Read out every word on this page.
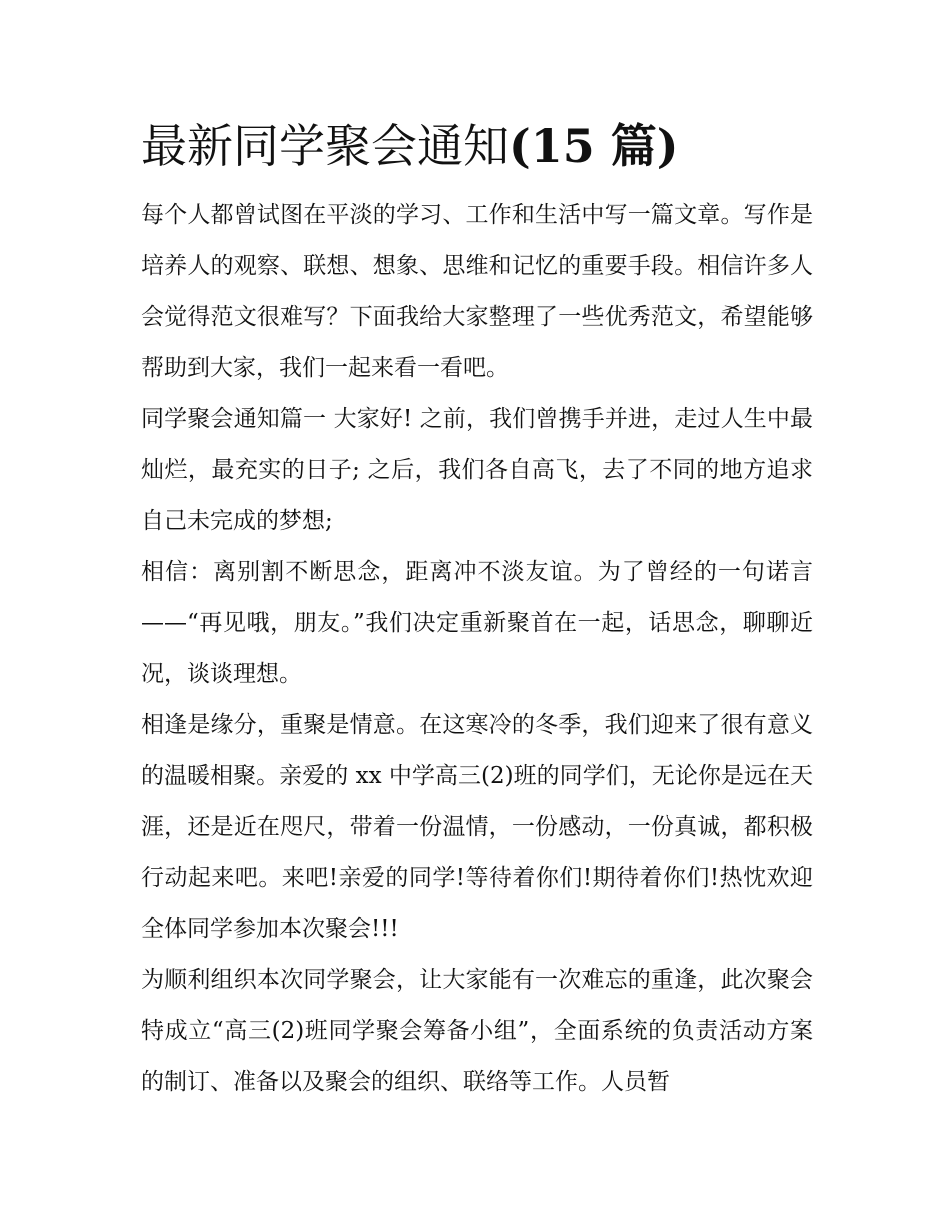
最新同学聚会通知(15 篇)

每个人都曾试图在平淡的学习、工作和生活中写一篇文章。写作是培养人的观察、联想、想象、思维和记忆的重要手段。相信许多人会觉得范文很难写？下面我给大家整理了一些优秀范文，希望能够帮助到大家，我们一起来看一看吧。

同学聚会通知篇一 大家好! 之前，我们曾携手并进，走过人生中最灿烂，最充实的日子; 之后，我们各自高飞，去了不同的地方追求自己未完成的梦想;

相信：离别割不断思念，距离冲不淡友谊。为了曾经的一句诺言——“再见哦，朋友。”我们决定重新聚首在一起，话思念，聊聊近况，谈谈理想。

相逢是缘分，重聚是情意。在这寒冷的冬季，我们迎来了很有意义的温暖相聚。亲爱的 xx 中学高三(2)班的同学们，无论你是远在天涯，还是近在咫尺，带着一份温情，一份感动，一份真诚，都积极行动起来吧。来吧!亲爱的同学!等待着你们!期待着你们!热忱欢迎全体同学参加本次聚会!!!

为顺利组织本次同学聚会，让大家能有一次难忘的重逢，此次聚会特成立“高三(2)班同学聚会筹备小组”，全面系统的负责活动方案的制订、准备以及聚会的组织、联络等工作。人员暂
